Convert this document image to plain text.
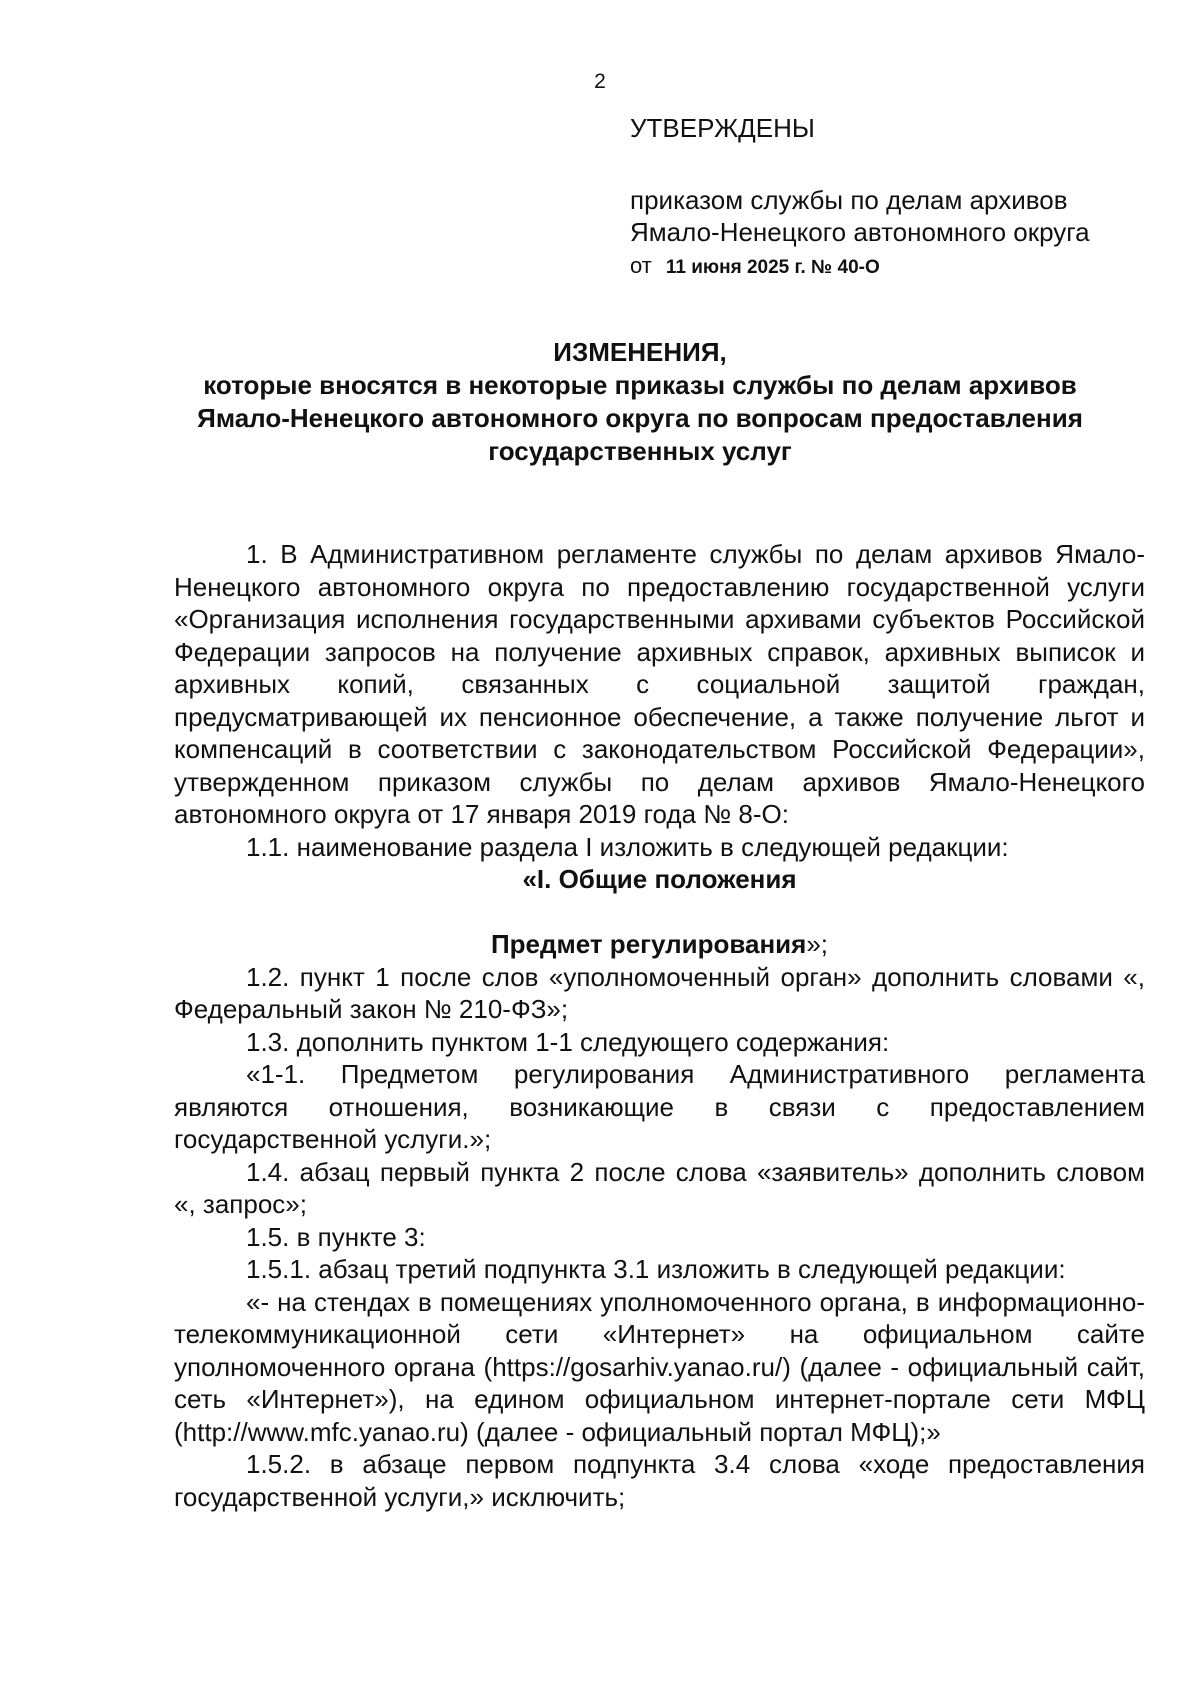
2
УТВЕРЖДЕНЫ
приказом службы по делам архивов
Ямало-Ненецкого автономного округа
от 11 июня 2025 г. № 40-О
ИЗМЕНЕНИЯ,
которые вносятся в некоторые приказы службы по делам архивов
Ямало-Ненецкого автономного округа по вопросам предоставления
государственных услуг

1. В Административном регламенте службы по делам архивов Ямало-Ненецкого автономного округа по предоставлению государственной услуги «Организация исполнения государственными архивами субъектов Российской Федерации запросов на получение архивных справок, архивных выписок и архивных копий, связанных с социальной защитой граждан, предусматривающей их пенсионное обеспечение, а также получение льгот и компенсаций в соответствии с законодательством Российской Федерации», утвержденном приказом службы по делам архивов Ямало-Ненецкого автономного округа от 17 января 2019 года № 8-О:

1.1. наименование раздела I изложить в следующей редакции:

«I. Общие положения

Предмет регулирования»;

1.2. пункт 1 после слов «уполномоченный орган» дополнить словами «, Федеральный закон № 210-ФЗ»;

1.3. дополнить пунктом 1-1 следующего содержания:

«1-1. Предметом регулирования Административного регламента являются отношения, возникающие в связи с предоставлением государственной услуги.»;

1.4. абзац первый пункта 2 после слова «заявитель» дополнить словом «, запрос»;

1.5. в пункте 3:

1.5.1. абзац третий подпункта 3.1 изложить в следующей редакции:

«- на стендах в помещениях уполномоченного органа, в информационно-телекоммуникационной сети «Интернет» на официальном сайте уполномоченного органа (https://gosarhiv.yanao.ru/) (далее - официальный сайт, сеть «Интернет»), на едином официальном интернет-портале сети МФЦ (http://www.mfc.yanao.ru) (далее - официальный портал МФЦ);»

1.5.2. в абзаце первом подпункта 3.4 слова «ходе предоставления государственной услуги,» исключить;
